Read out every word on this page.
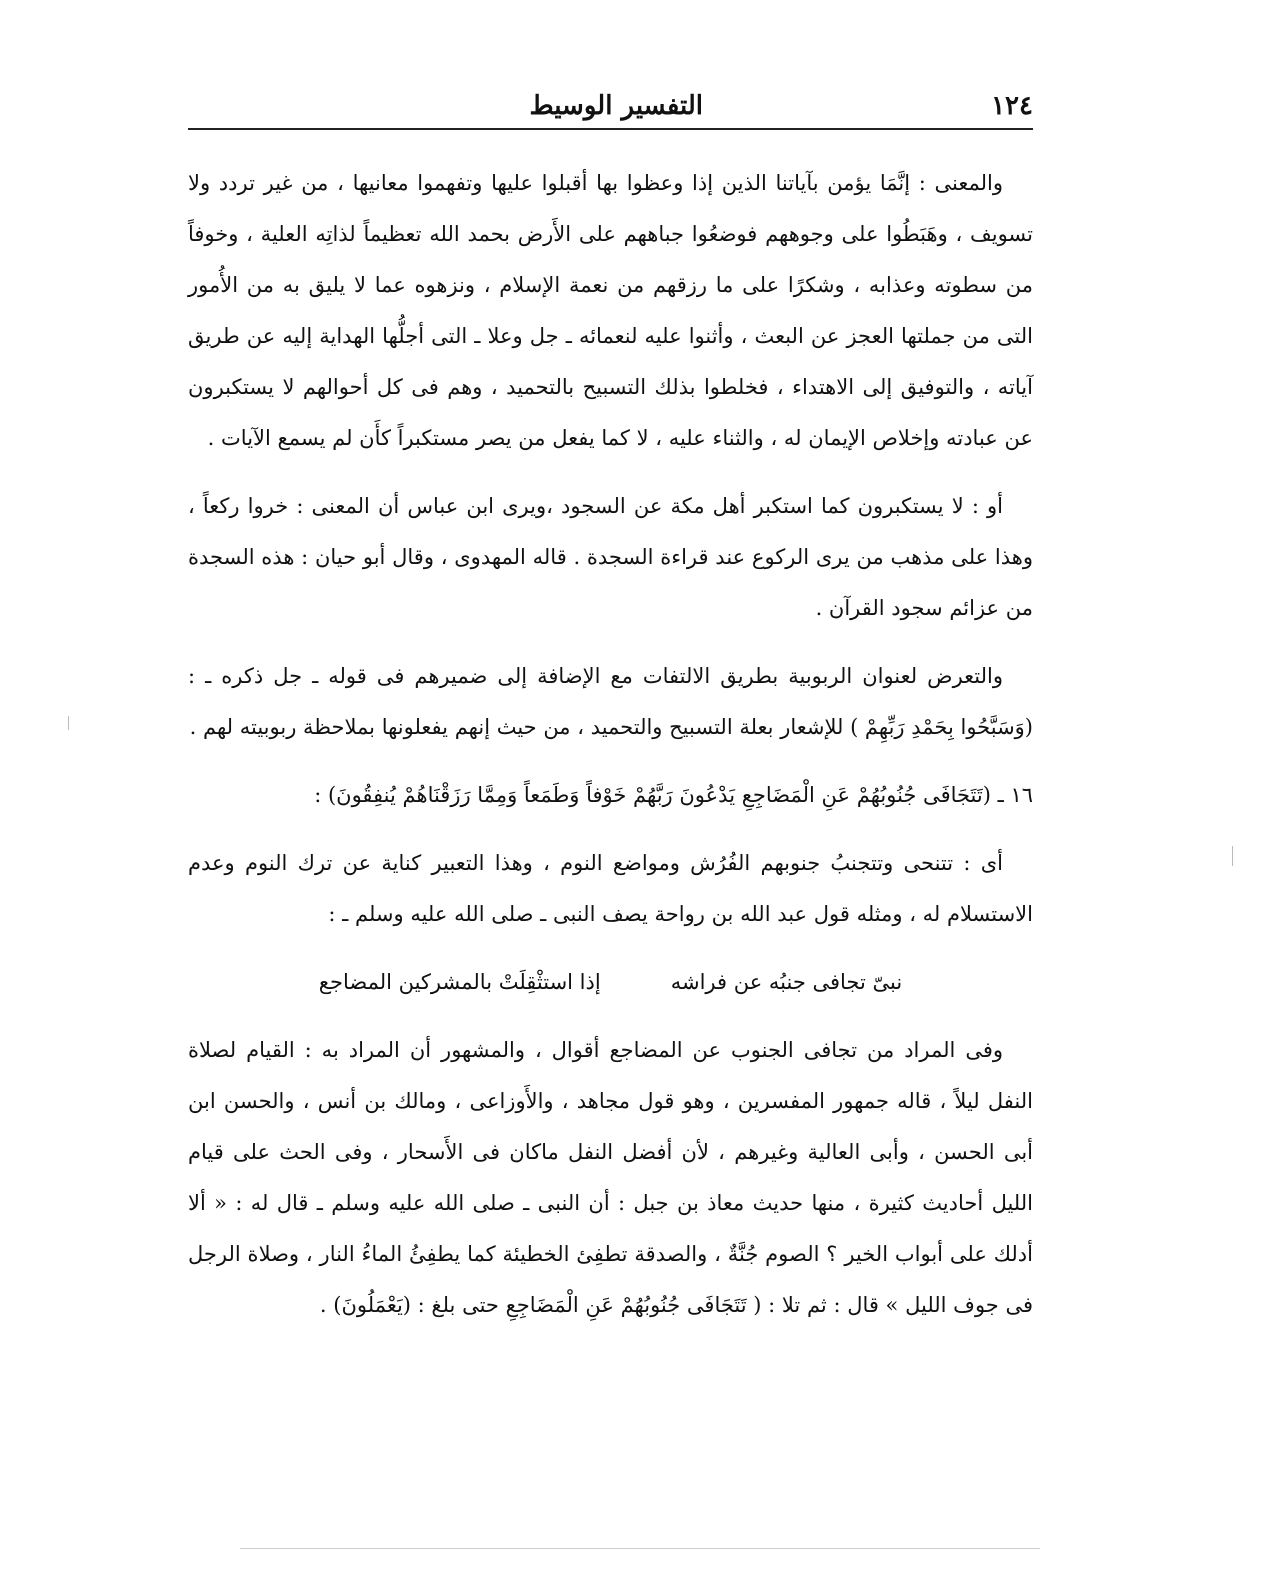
١٢٤
التفسير الوسيط

والمعنى : إنَّمَا يؤمن بآياتنا الذين إذا وعظوا بها أقبلوا عليها وتفهموا معانيها ، من غير تردد ولا تسويف ، وهَبَطُوا على وجوههم فوضعُوا جباههم على الأَرض بحمد الله تعظيماً لذاتِه العلية ، وخوفاً من سطوته وعذابه ، وشكرًا على ما رزقهم من نعمة الإسلام ، ونزهوه عما لا يليق به من الأُمور التى من جملتها العجز عن البعث ، وأثنوا عليه لنعمائه ـ جل وعلا ـ التى أجلُّها الهداية إليه عن طريق آياته ، والتوفيق إلى الاهتداء ، فخلطوا بذلك التسبيح بالتحميد ، وهم فى كل أحوالهم لا يستكبرون عن عبادته وإخلاص الإيمان له ، والثناء عليه ، لا كما يفعل من يصر مستكبراً كأَن لم يسمع الآيات .

أو : لا يستكبرون كما استكبر أهل مكة عن السجود ،ويرى ابن عباس أن المعنى : خروا ركعاً ، وهذا على مذهب من يرى الركوع عند قراءة السجدة . قاله المهدوى ، وقال أبو حيان : هذه السجدة من عزائم سجود القرآن .

والتعرض لعنوان الربوبية بطريق الالتفات مع الإضافة إلى ضميرهم فى قوله ـ جل ذكره ـ : (وَسَبَّحُوا بِحَمْدِ رَبِّهِمْ ) للإشعار بعلة التسبيح والتحميد ، من حيث إنهم يفعلونها بملاحظة ربوبيته لهم .

١٦ ـ (تَتَجَافَى جُنُوبُهُمْ عَنِ الْمَضَاجِعِ يَدْعُونَ رَبَّهُمْ خَوْفاً وَطَمَعاً وَمِمَّا رَزَقْنَاهُمْ يُنفِقُونَ) :

أى : تتنحى وتتجنبُ جنوبهم الفُرُش ومواضع النوم ، وهذا التعبير كناية عن ترك النوم وعدم الاستسلام له ، ومثله قول عبد الله بن رواحة يصف النبى ـ صلى الله عليه وسلم ـ :

نبىّ تجافى جنبُه عن فراشه
إذا استثْقِلَتْ بالمشركين المضاجع

وفى المراد من تجافى الجنوب عن المضاجع أقوال ، والمشهور أن المراد به : القيام لصلاة النفل ليلاً ، قاله جمهور المفسرين ، وهو قول مجاهد ، والأَوزاعى ، ومالك بن أنس ، والحسن ابن أبى الحسن ، وأبى العالية وغيرهم ، لأن أفضل النفل ماكان فى الأَسحار ، وفى الحث على قيام الليل أحاديث كثيرة ، منها حديث معاذ بن جبل : أن النبى ـ صلى الله عليه وسلم ـ قال له : « ألا أدلك على أبواب الخير ؟ الصوم جُنَّةٌ ، والصدقة تطفِئ الخطيئة كما يطفِئُ الماءُ النار ، وصلاة الرجل فى جوف الليل » قال : ثم تلا : ( تَتَجَافَى جُنُوبُهُمْ عَنِ الْمَضَاجِعِ حتى بلغ : (يَعْمَلُونَ) .
